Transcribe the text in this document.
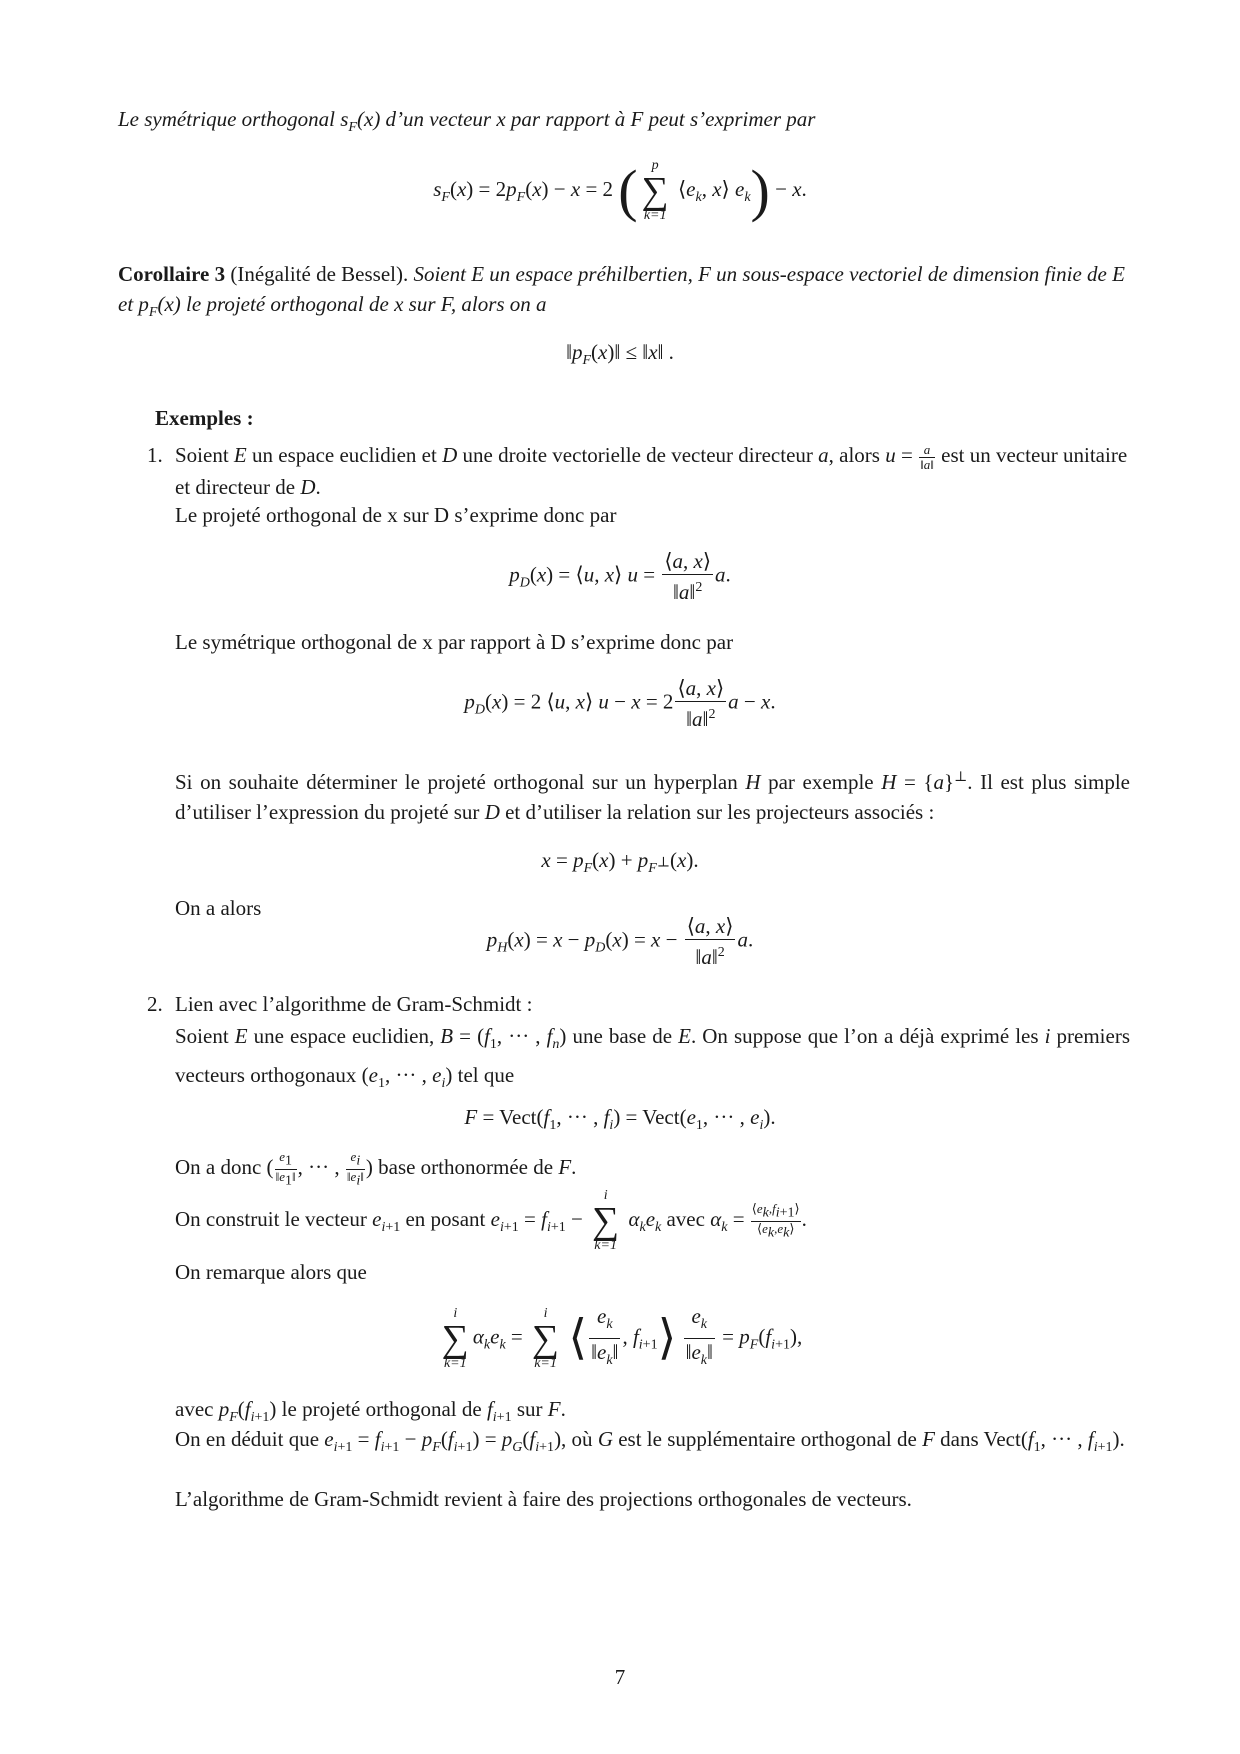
Le symétrique orthogonal $s_F(x)$ d’un vecteur x par rapport à F peut s’exprimer par
$s_F(x) = 2p_F(x) - x = 2$ (	p
∑
k=1
$⟨e_k$, x⟩ $e_k) - x$.
Corollaire 3 (Inégalité de Bessel). Soient E un espace préhilbertien, F un sous-espace vectoriel de dimension finie de E et $p_F(x)$ le projeté orthogonal de x sur F, alors on a
$‖p_F(x)‖$ ≤ ‖x‖ .
Exemples :
1. Soient E un espace euclidien et D une droite vectorielle de vecteur directeur a, alors $u = \frac{a}{‖a‖}$ est un vecteur unitaire et directeur de D.
Le projeté orthogonal de x sur D s’exprime donc par
$p_D(x)$ = ⟨u, x⟩ $u = \frac{⟨a, x⟩}{‖a‖^2} a$.
Le symétrique orthogonal de x par rapport à D s’exprime donc par
$p_D(x) = 2$ ⟨u, x⟩ $u - x = 2 \frac{⟨a, x⟩}{‖a‖^2}$ a − x.
Si on souhaite déterminer le projeté orthogonal sur un hyperplan H par exemple H = {a}⊥. Il est plus simple d’utiliser l’expression du projeté sur D et d’utiliser la relation sur les projecteurs associés :
$x = p_F(x) + p_{F^\perp}(x)$.
On a alors
$p_H(x) = x - p_D(x) = x - \frac{⟨a, x⟩}{‖a‖^2} a$.
2. Lien avec l’algorithme de Gram-Schmidt :
Soient E une espace euclidien, $B = (f_1$, ··· , $f_n$) une base de E. On suppose que l’on a déjà exprimé les i premiers vecteurs orthogonaux ($e_1$, ··· , $e_i$) tel que
$F = Vect(f_1$, ··· , $f_i$) = $Vect(e_1$, ··· , $e_i$).
On a donc ( $\frac{e_1}{‖e_1‖}$ , ··· , $\frac{e_i}{‖e_i‖}$ ) base orthonormée de F.
On construit le vecteur $e_{i+1}$ en posant $e_{i+1} = f_{i+1}$ −
i
∑
k=1
$\alpha_ke_k$ avec $\alpha_k = \frac{⟨e_k,f_{i+1}⟩}{⟨e_k,e_k⟩}$ .
On remarque alors que
i
∑
k=1
$\alpha_ke_k$ =
i
∑
k=1 ⟨ $\frac{e_k}{‖e_k‖}$ , $f_{i+1}⟩ \frac{e_k}{‖e_k‖} = p_F(f_{i+1})$,
avec $p_F(f_{i+1})$ le projeté orthogonal de $f_{i+1}$ sur F.
On en déduit que $e_{i+1} = f_{i+1} - p_F(f_{i+1}) = p_G(f_{i+1})$, où G est le supplémentaire orthogonal de F dans $Vect(f_1$, ··· , $f_{i+1}$).
L’algorithme de Gram-Schmidt revient à faire des projections orthogonales de vecteurs.
7
